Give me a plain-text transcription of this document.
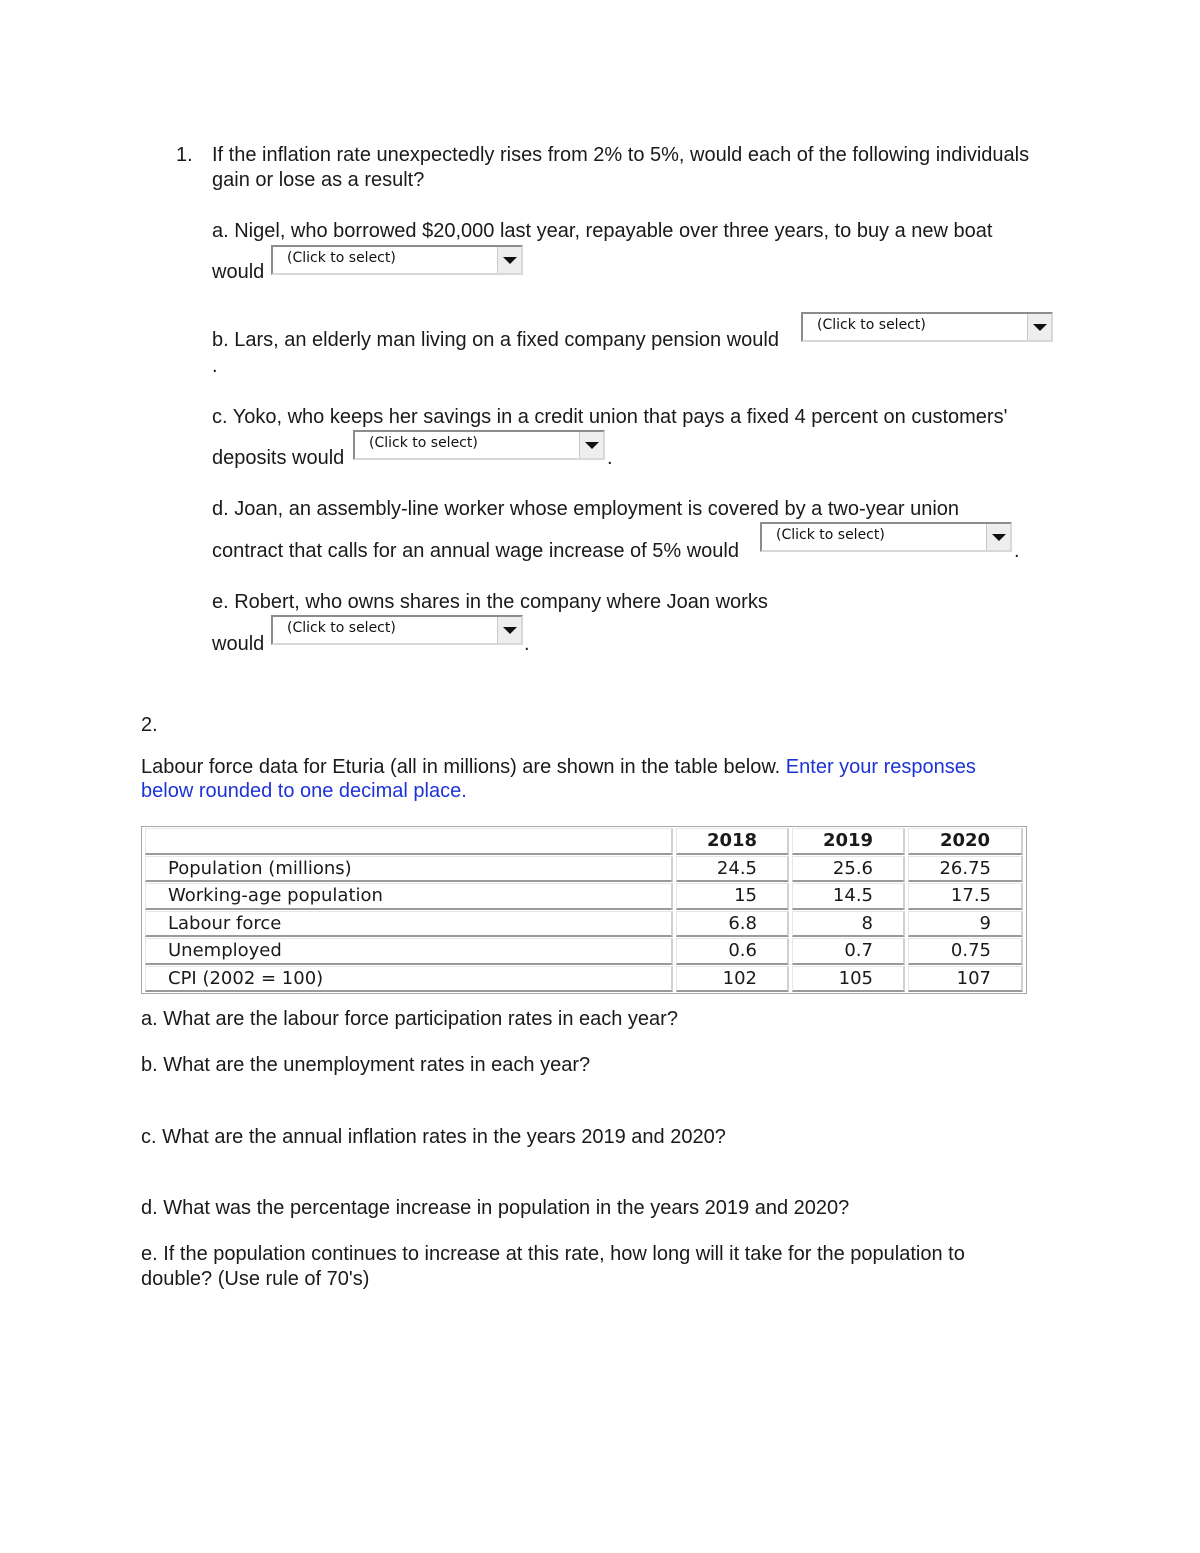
1. If the inflation rate unexpectedly rises from 2% to 5%, would each of the following individuals
gain or lose as a result?
a. Nigel, who borrowed $20,000 last year, repayable over three years, to buy a new boat
would
(Click to select)
b. Lars, an elderly man living on a fixed company pension would
(Click to select)
.
c. Yoko, who keeps her savings in a credit union that pays a fixed 4 percent on customers'
deposits would
(Click to select)
.
d. Joan, an assembly-line worker whose employment is covered by a two-year union
contract that calls for an annual wage increase of 5% would
(Click to select)
.
e. Robert, who owns shares in the company where Joan works
would
(Click to select)
.
2.
Labour force data for Eturia (all in millions) are shown in the table below. Enter your responses
below rounded to one decimal place.
	2018	2019	2020
Population (millions)	24.5	25.6	26.75
Working-age population	15	14.5	17.5
Labour force	6.8	8	9
Unemployed	0.6	0.7	0.75
CPI (2002 = 100)	102	105	107
a. What are the labour force participation rates in each year?
b. What are the unemployment rates in each year?
c. What are the annual inflation rates in the years 2019 and 2020?
d. What was the percentage increase in population in the years 2019 and 2020?
e. If the population continues to increase at this rate, how long will it take for the population to
double? (Use rule of 70's)
